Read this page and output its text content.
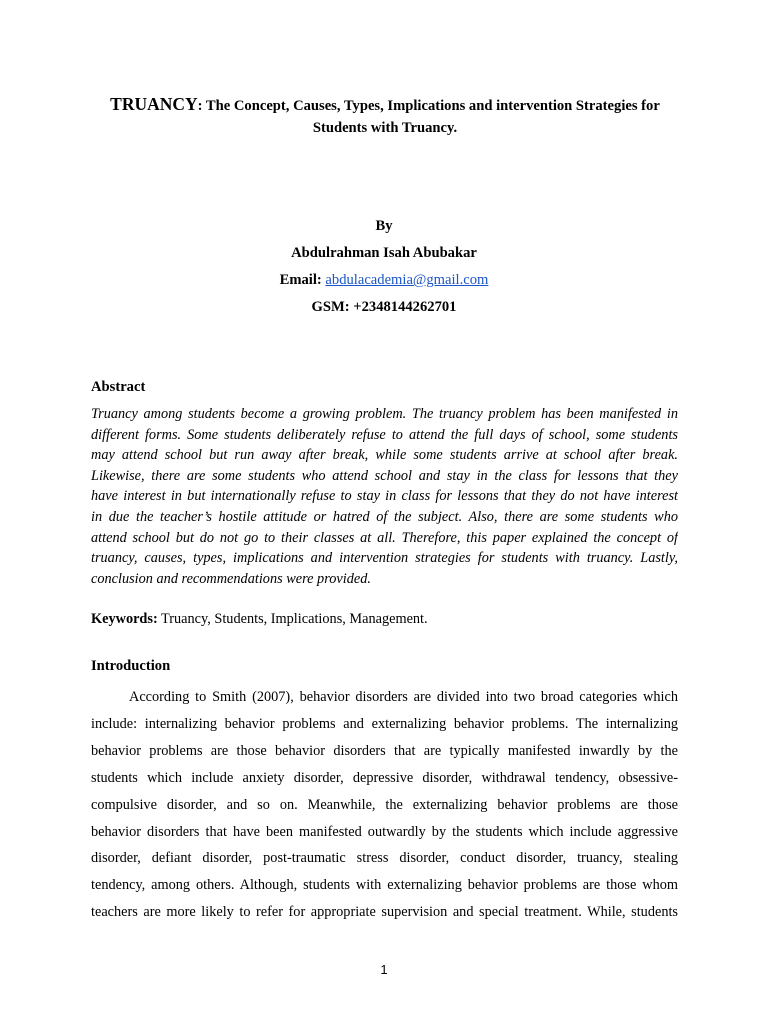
TRUANCY: The Concept, Causes, Types, Implications and intervention Strategies for
Students with Truancy.
By
Abdulrahman Isah Abubakar
Email: abdulacademia@gmail.com
GSM: +2348144262701
Abstract
Truancy among students become a growing problem. The truancy problem has been manifested in
different forms. Some students deliberately refuse to attend the full days of school, some students
may attend school but run away after break, while some students arrive at school after break.
Likewise, there are some students who attend school and stay in the class for lessons that they
have interest in but internationally refuse to stay in class for lessons that they do not have interest
in due the teacher’s hostile attitude or hatred of the subject. Also, there are some students who
attend school but do not go to their classes at all. Therefore, this paper explained the concept of
truancy, causes, types, implications and intervention strategies for students with truancy. Lastly,
conclusion and recommendations were provided.
Keywords: Truancy, Students, Implications, Management.
Introduction
According to Smith (2007), behavior disorders are divided into two broad categories which
include: internalizing behavior problems and externalizing behavior problems. The internalizing
behavior problems are those behavior disorders that are typically manifested inwardly by the
students which include anxiety disorder, depressive disorder, withdrawal tendency, obsessive-
compulsive disorder, and so on. Meanwhile, the externalizing behavior problems are those
behavior disorders that have been manifested outwardly by the students which include aggressive
disorder, defiant disorder, post-traumatic stress disorder, conduct disorder, truancy, stealing
tendency, among others. Although, students with externalizing behavior problems are those whom
teachers are more likely to refer for appropriate supervision and special treatment. While, students
1
